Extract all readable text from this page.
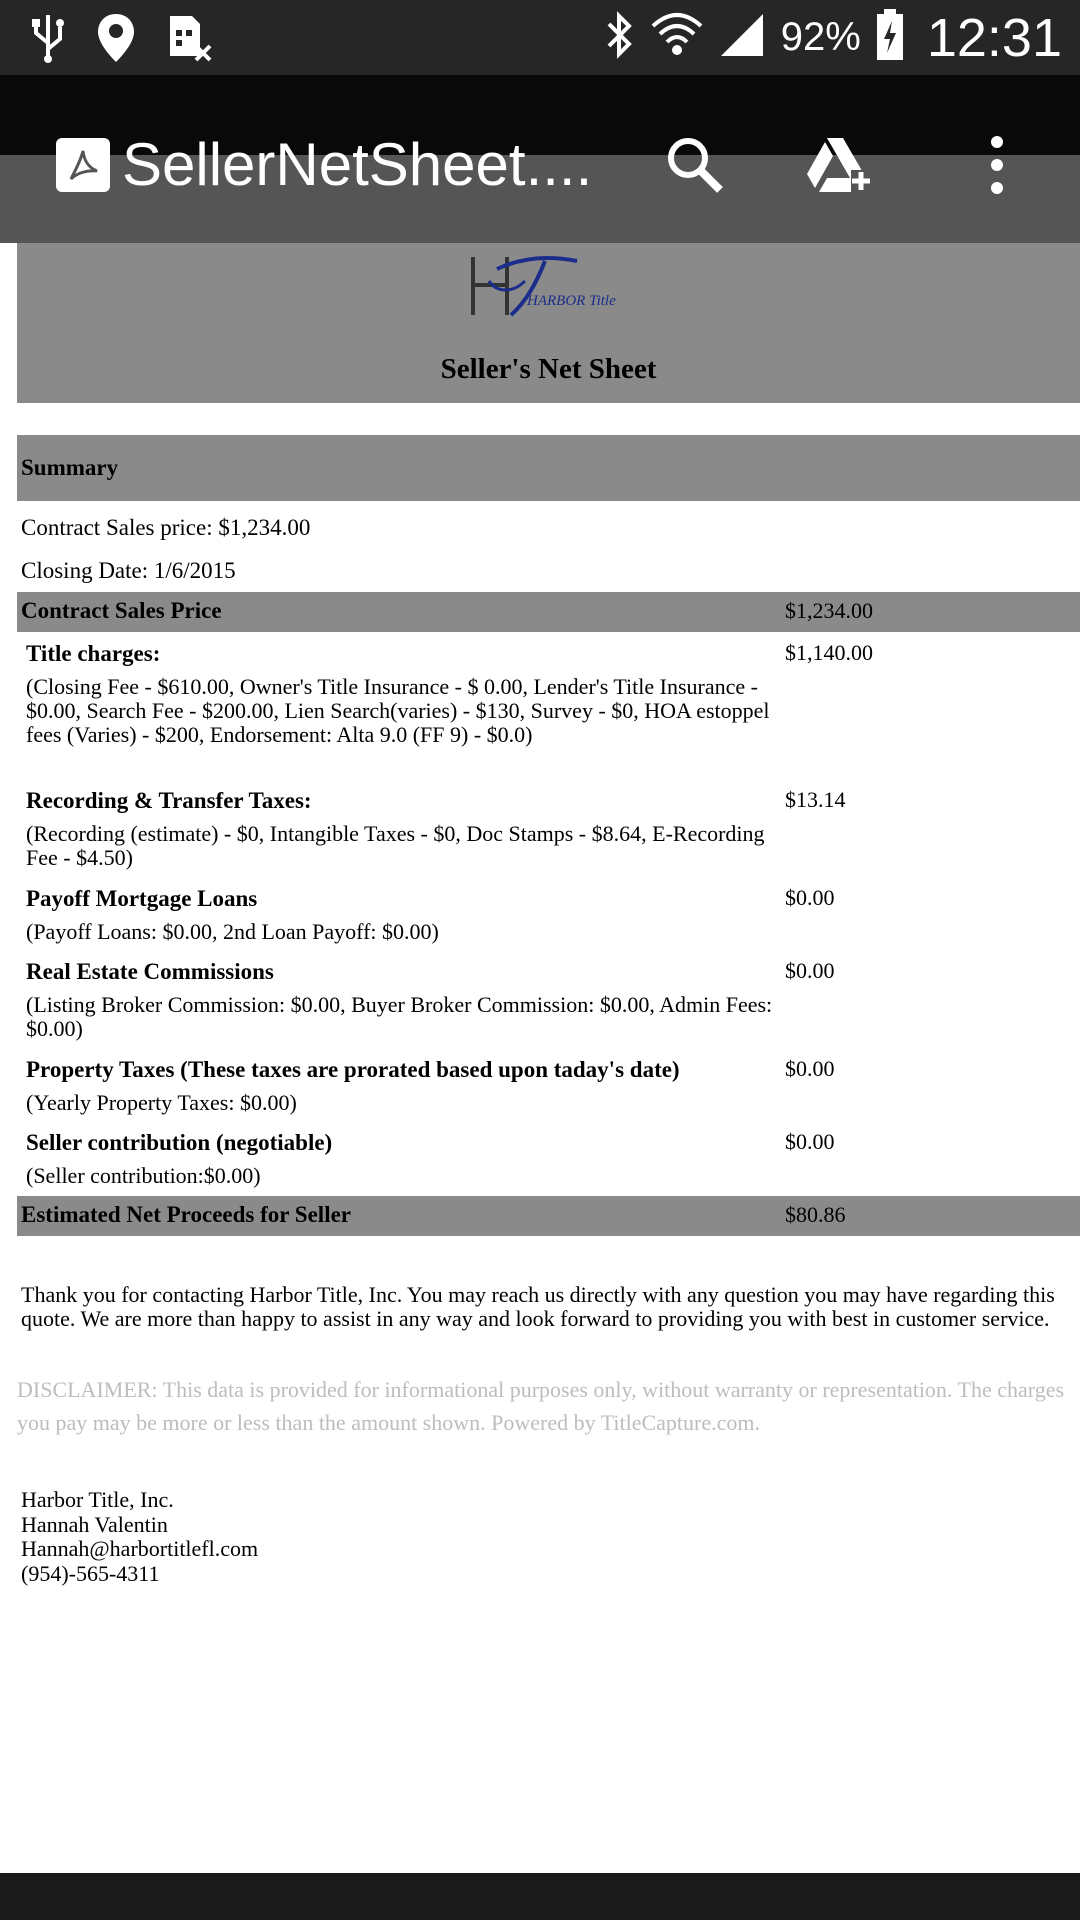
92% 12:31
SellerNetSheet....
HARBOR Title
Seller's Net Sheet
Summary
Contract Sales price: $1,234.00
Closing Date: 1/6/2015
Contract Sales Price	$1,234.00
Title charges:
(Closing Fee - $610.00, Owner's Title Insurance - $ 0.00, Lender's Title Insurance - $0.00, Search Fee - $200.00, Lien Search(varies) - $130, Survey - $0, HOA estoppel fees (Varies) - $200, Endorsement: Alta 9.0 (FF 9) - $0.0)
$1,140.00
Recording & Transfer Taxes:
(Recording (estimate) - $0, Intangible Taxes - $0, Doc Stamps - $8.64, E-Recording Fee - $4.50)
$13.14
Payoff Mortgage Loans
(Payoff Loans: $0.00, 2nd Loan Payoff: $0.00)
$0.00
Real Estate Commissions
(Listing Broker Commission: $0.00, Buyer Broker Commission: $0.00, Admin Fees: $0.00)
$0.00
Property Taxes (These taxes are prorated based upon taday's date)
(Yearly Property Taxes: $0.00)
$0.00
Seller contribution (negotiable)
(Seller contribution:$0.00)
$0.00
Estimated Net Proceeds for Seller	$80.86
Thank you for contacting Harbor Title, Inc. You may reach us directly with any question you may have regarding this quote. We are more than happy to assist in any way and look forward to providing you with best in customer service.
DISCLAIMER: This data is provided for informational purposes only, without warranty or representation. The charges you pay may be more or less than the amount shown. Powered by TitleCapture.com.
Harbor Title, Inc.
Hannah Valentin
Hannah@harbortitlefl.com
(954)-565-4311
